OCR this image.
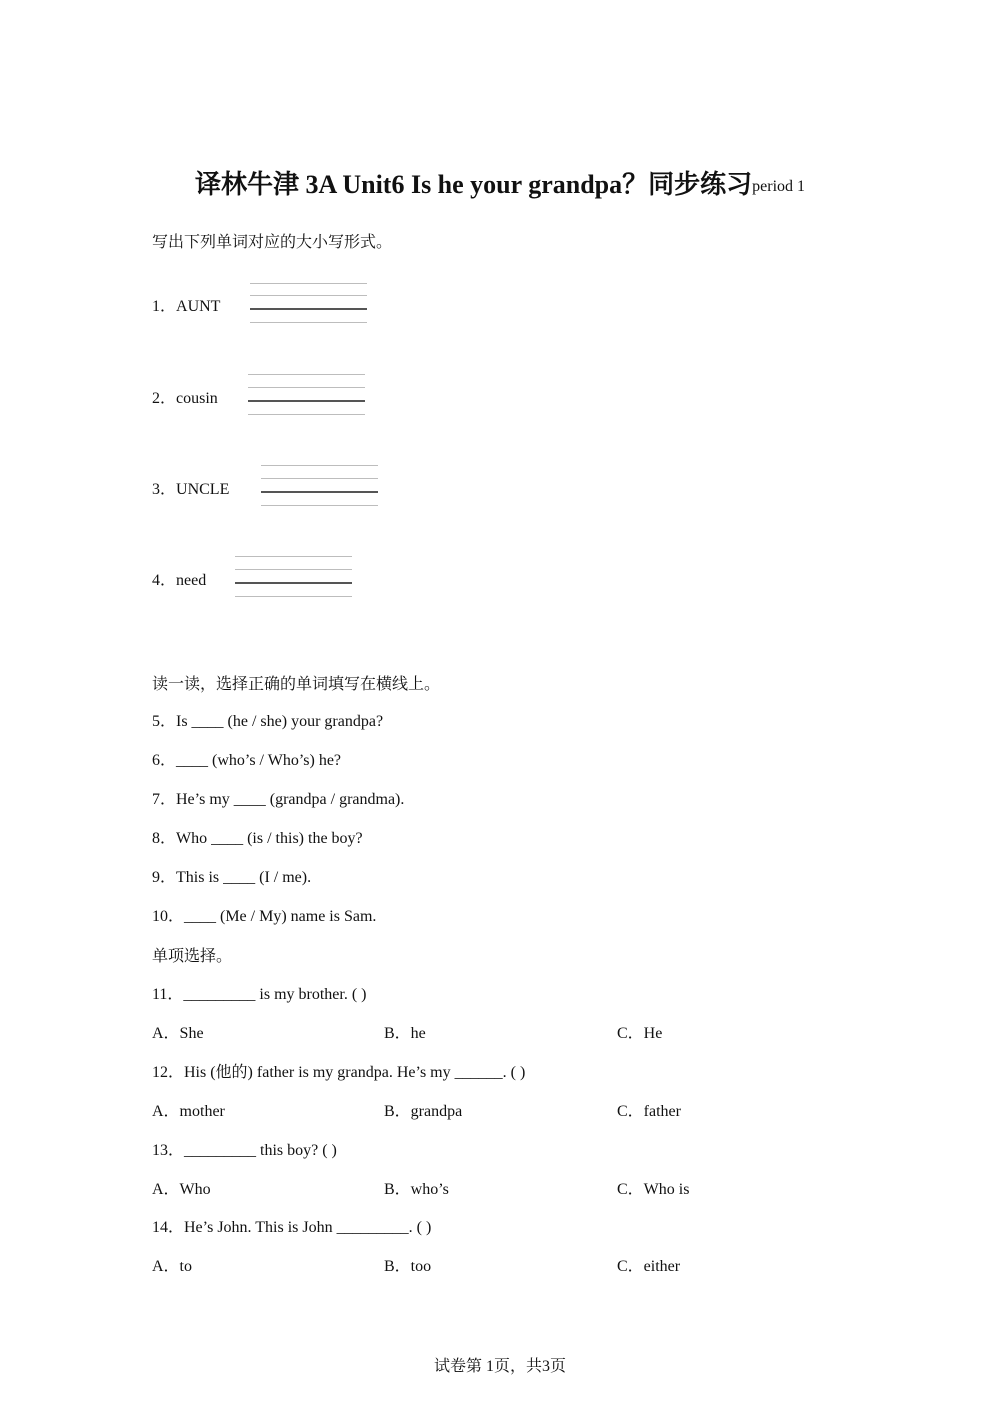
译林牛津 3A Unit6 Is he your grandpa？同步练习$^{period 1}$
写出下列单词对应的大小写形式。
1．AUNT
2．cousin
3．UNCLE
4．need
读一读，选择正确的单词填写在横线上。
5．Is ____ (he / she) your grandpa?
6．____ (who’s / Who’s) he?
7．He’s my ____ (grandpa / grandma).
8．Who ____ (is / this) the boy?
9．This is ____ (I / me).
10．____ (Me / My) name is Sam.
单项选择。
11．_________ is my brother. ( )
A．She	B．he	C．He
12．His (他的) father is my grandpa. He’s my ______. ( )
A．mother	B．grandpa	C．father
13．_________ this boy? ( )
A．Who	B．who’s	C．Who is
14．He’s John. This is John _________. ( )
A．to	B．too	C．either
试卷第 1页，共3页
